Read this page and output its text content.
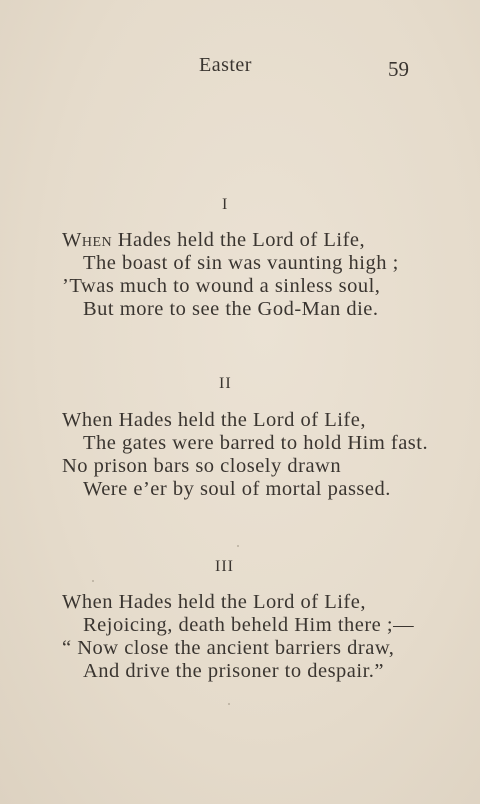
Easter	59
I
When Hades held the Lord of Life,
The boast of sin was vaunting high ;
’Twas much to wound a sinless soul,
But more to see the God-Man die.
II
When Hades held the Lord of Life,
The gates were barred to hold Him fast.
No prison bars so closely drawn
Were e’er by soul of mortal passed.
III
When Hades held the Lord of Life,
Rejoicing, death beheld Him there ;—
“ Now close the ancient barriers draw,
And drive the prisoner to despair.”
